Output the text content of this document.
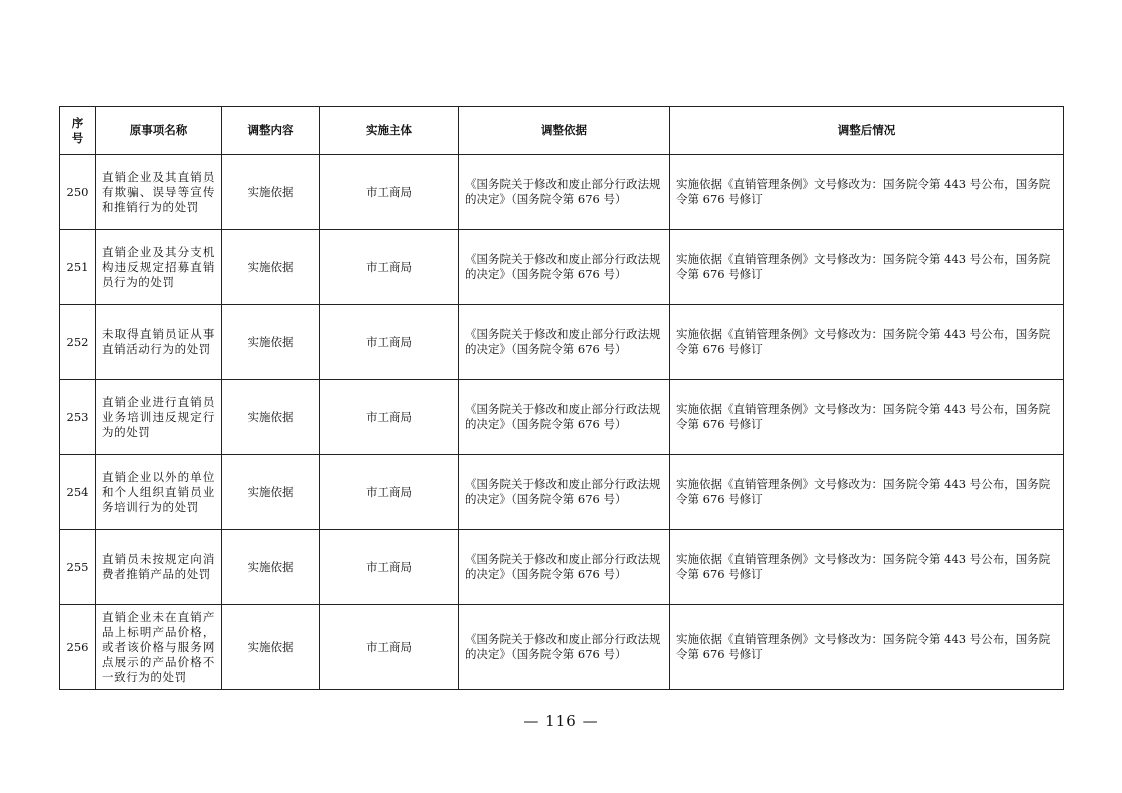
序号	原事项名称	调整内容	实施主体	调整依据	调整后情况
250	直销企业及其直销员有欺骗、误导等宣传和推销行为的处罚	实施依据	市工商局	《国务院关于修改和废止部分行政法规的决定》（国务院令第 676 号）	实施依据《直销管理条例》文号修改为：国务院令第 443 号公布，国务院令第 676 号修订
251	直销企业及其分支机构违反规定招募直销员行为的处罚	实施依据	市工商局	《国务院关于修改和废止部分行政法规的决定》（国务院令第 676 号）	实施依据《直销管理条例》文号修改为：国务院令第 443 号公布，国务院令第 676 号修订
252	未取得直销员证从事直销活动行为的处罚	实施依据	市工商局	《国务院关于修改和废止部分行政法规的决定》（国务院令第 676 号）	实施依据《直销管理条例》文号修改为：国务院令第 443 号公布，国务院令第 676 号修订
253	直销企业进行直销员业务培训违反规定行为的处罚	实施依据	市工商局	《国务院关于修改和废止部分行政法规的决定》（国务院令第 676 号）	实施依据《直销管理条例》文号修改为：国务院令第 443 号公布，国务院令第 676 号修订
254	直销企业以外的单位和个人组织直销员业务培训行为的处罚	实施依据	市工商局	《国务院关于修改和废止部分行政法规的决定》（国务院令第 676 号）	实施依据《直销管理条例》文号修改为：国务院令第 443 号公布，国务院令第 676 号修订
255	直销员未按规定向消费者推销产品的处罚	实施依据	市工商局	《国务院关于修改和废止部分行政法规的决定》（国务院令第 676 号）	实施依据《直销管理条例》文号修改为：国务院令第 443 号公布，国务院令第 676 号修订
256	直销企业未在直销产品上标明产品价格，或者该价格与服务网点展示的产品价格不一致行为的处罚	实施依据	市工商局	《国务院关于修改和废止部分行政法规的决定》（国务院令第 676 号）	实施依据《直销管理条例》文号修改为：国务院令第 443 号公布，国务院令第 676 号修订
— 116 —
